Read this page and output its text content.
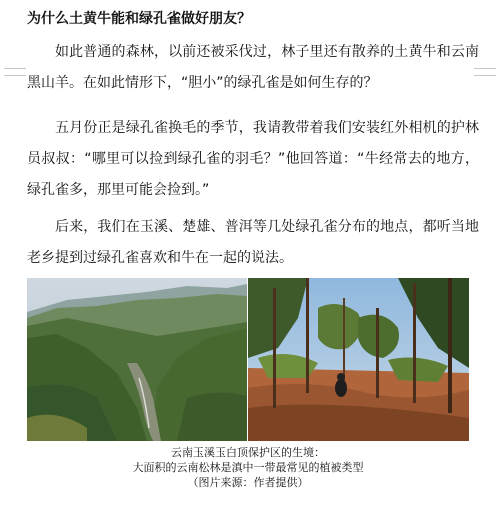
为什么土黄牛能和绿孔雀做好朋友？
如此普通的森林，以前还被采伐过，林子里还有散养的土黄牛和云南黑山羊。在如此情形下，“胆小”的绿孔雀是如何生存的？
五月份正是绿孔雀换毛的季节，我请教带着我们安装红外相机的护林员叔叔：“哪里可以捡到绿孔雀的羽毛？”他回答道：“牛经常去的地方，绿孔雀多，那里可能会捡到。”
后来，我们在玉溪、楚雄、普洱等几处绿孔雀分布的地点，都听当地老乡提到过绿孔雀喜欢和牛在一起的说法。
云南玉溪玉白顶保护区的生境：
大面积的云南松林是滇中一带最常见的植被类型
（图片来源：作者提供）
